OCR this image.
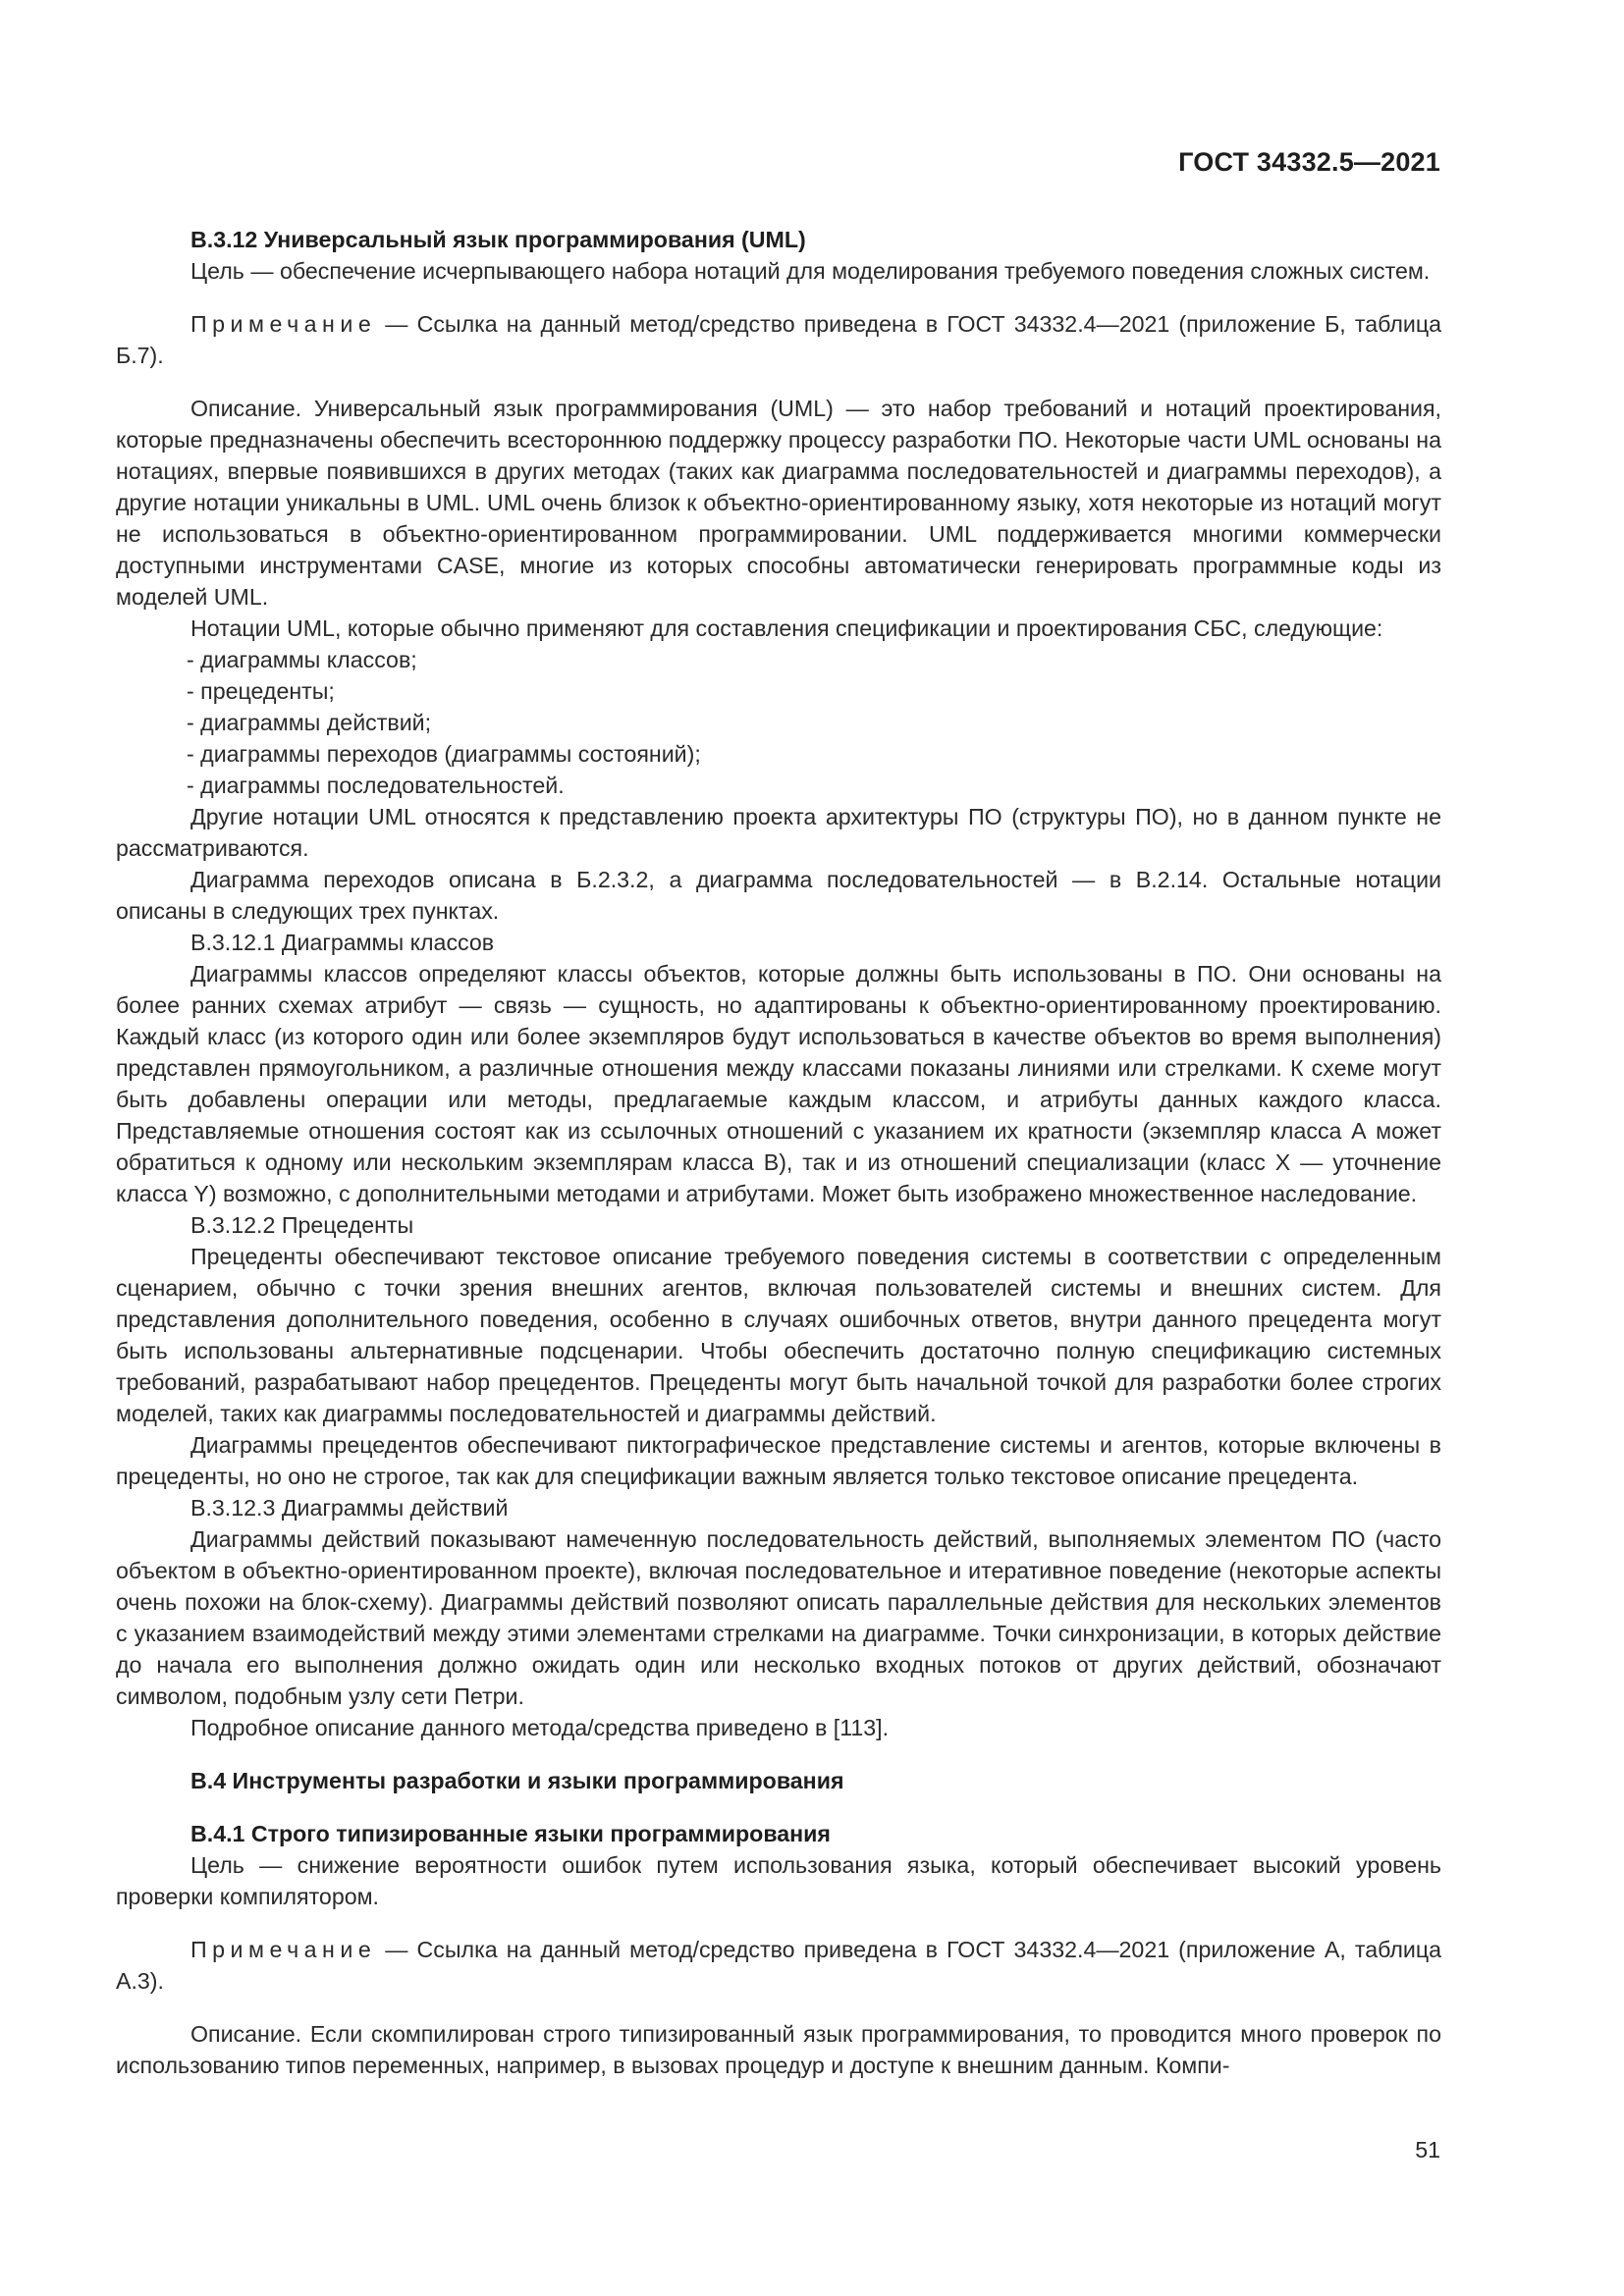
ГОСТ 34332.5—2021

В.3.12 Универсальный язык программирования (UML)

Цель — обеспечение исчерпывающего набора нотаций для моделирования требуемого поведения сложных систем.

Примечание — Ссылка на данный метод/средство приведена в ГОСТ 34332.4—2021 (приложение Б, таблица Б.7).

Описание. Универсальный язык программирования (UML) — это набор требований и нотаций проектирования, которые предназначены обеспечить всестороннюю поддержку процессу разработки ПО. Некоторые части UML основаны на нотациях, впервые появившихся в других методах (таких как диаграмма последовательностей и диаграммы переходов), а другие нотации уникальны в UML. UML очень близок к объектно-ориентированному языку, хотя некоторые из нотаций могут не использоваться в объектно-ориентированном программировании. UML поддерживается многими коммерчески доступными инструментами CASE, многие из которых способны автоматически генерировать программные коды из моделей UML.

Нотации UML, которые обычно применяют для составления спецификации и проектирования СБС, следующие:

- диаграммы классов;

- прецеденты;

- диаграммы действий;

- диаграммы переходов (диаграммы состояний);

- диаграммы последовательностей.

Другие нотации UML относятся к представлению проекта архитектуры ПО (структуры ПО), но в данном пункте не рассматриваются.

Диаграмма переходов описана в Б.2.3.2, а диаграмма последовательностей — в В.2.14. Остальные нотации описаны в следующих трех пунктах.

В.3.12.1 Диаграммы классов

Диаграммы классов определяют классы объектов, которые должны быть использованы в ПО. Они основаны на более ранних схемах атрибут — связь — сущность, но адаптированы к объектно-ориентированному проектированию. Каждый класс (из которого один или более экземпляров будут использоваться в качестве объектов во время выполнения) представлен прямоугольником, а различные отношения между классами показаны линиями или стрелками. К схеме могут быть добавлены операции или методы, предлагаемые каждым классом, и атрибуты данных каждого класса. Представляемые отношения состоят как из ссылочных отношений с указанием их кратности (экземпляр класса А может обратиться к одному или нескольким экземплярам класса В), так и из отношений специализации (класс X — уточнение класса Y) возможно, с дополнительными методами и атрибутами. Может быть изображено множественное наследование.

В.3.12.2 Прецеденты

Прецеденты обеспечивают текстовое описание требуемого поведения системы в соответствии с определенным сценарием, обычно с точки зрения внешних агентов, включая пользователей системы и внешних систем. Для представления дополнительного поведения, особенно в случаях ошибочных ответов, внутри данного прецедента могут быть использованы альтернативные подсценарии. Чтобы обеспечить достаточно полную спецификацию системных требований, разрабатывают набор прецедентов. Прецеденты могут быть начальной точкой для разработки более строгих моделей, таких как диаграммы последовательностей и диаграммы действий.

Диаграммы прецедентов обеспечивают пиктографическое представление системы и агентов, которые включены в прецеденты, но оно не строгое, так как для спецификации важным является только текстовое описание прецедента.

В.3.12.3 Диаграммы действий

Диаграммы действий показывают намеченную последовательность действий, выполняемых элементом ПО (часто объектом в объектно-ориентированном проекте), включая последовательное и итеративное поведение (некоторые аспекты очень похожи на блок-схему). Диаграммы действий позволяют описать параллельные действия для нескольких элементов с указанием взаимодействий между этими элементами стрелками на диаграмме. Точки синхронизации, в которых действие до начала его выполнения должно ожидать один или несколько входных потоков от других действий, обозначают символом, подобным узлу сети Петри.

Подробное описание данного метода/средства приведено в [113].

В.4 Инструменты разработки и языки программирования

В.4.1 Строго типизированные языки программирования

Цель — снижение вероятности ошибок путем использования языка, который обеспечивает высокий уровень проверки компилятором.

Примечание — Ссылка на данный метод/средство приведена в ГОСТ 34332.4—2021 (приложение А, таблица А.3).

Описание. Если скомпилирован строго типизированный язык программирования, то проводится много проверок по использованию типов переменных, например, в вызовах процедур и доступе к внешним данным. Компи-

51
